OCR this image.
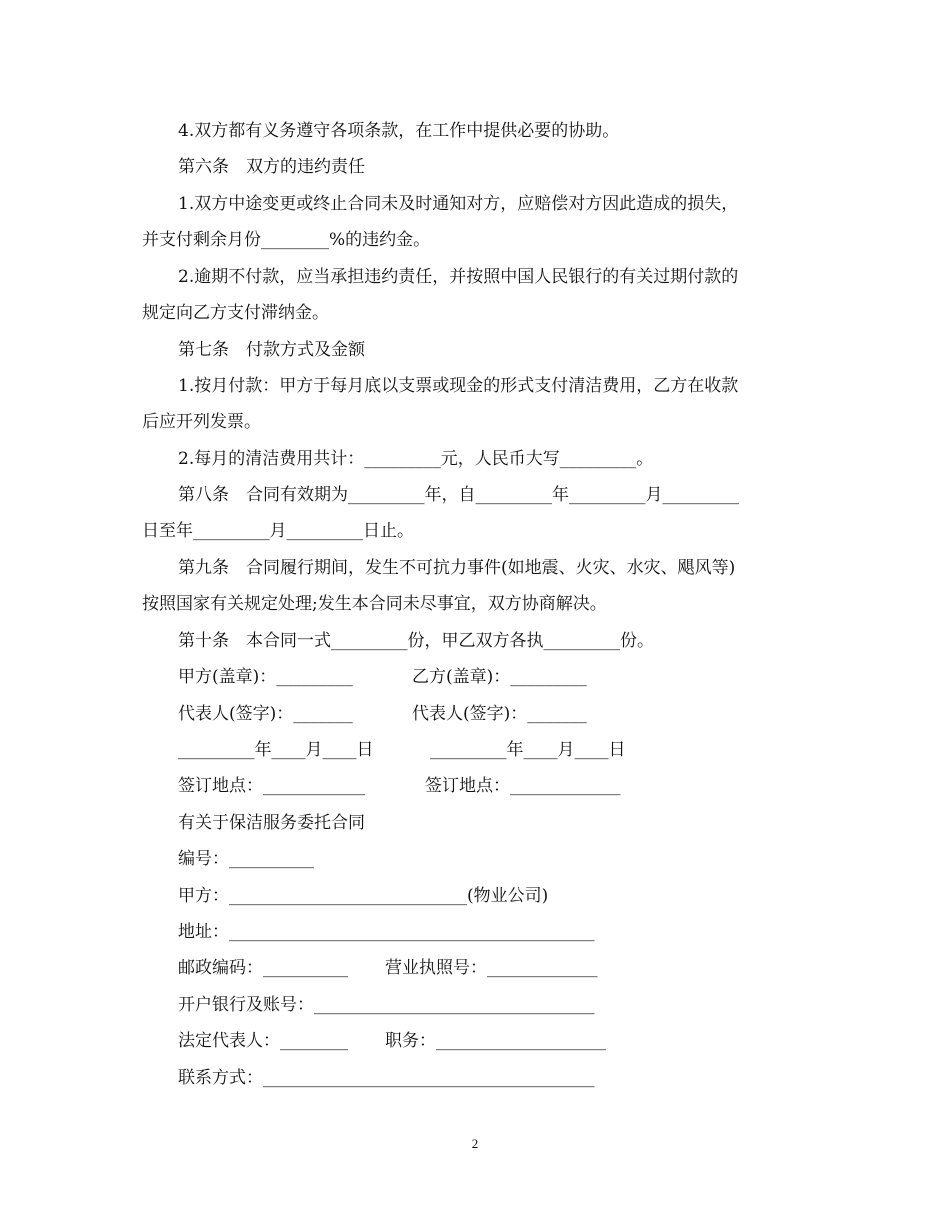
4.双方都有义务遵守各项条款，在工作中提供必要的协助。
第六条　双方的违约责任
1.双方中途变更或终止合同未及时通知对方，应赔偿对方因此造成的损失，
并支付剩余月份________%的违约金。
2.逾期不付款，应当承担违约责任，并按照中国人民银行的有关过期付款的
规定向乙方支付滞纳金。
第七条　付款方式及金额
1.按月付款：甲方于每月底以支票或现金的形式支付清洁费用，乙方在收款
后应开列发票。
2.每月的清洁费用共计：_________元，人民币大写_________。
第八条　合同有效期为_________年，自_________年_________月_________
日至年_________月_________日止。
第九条　合同履行期间，发生不可抗力事件(如地震、火灾、水灾、飓风等)
按照国家有关规定处理;发生本合同未尽事宜，双方协商解决。
第十条　本合同一式_________份，甲乙双方各执_________份。
甲方(盖章)：_________	乙方(盖章)：_________
代表人(签字)：_______	代表人(签字)：_______
_________年____月____日	_________年____月____日
签订地点：____________	签订地点：_____________
有关于保洁服务委托合同
编号：__________
甲方：____________________________(物业公司)
地址：___________________________________________
邮政编码：__________ 营业执照号：_____________
开户银行及账号：_________________________________
法定代表人：________ 职务：____________________
联系方式：_______________________________________
2
